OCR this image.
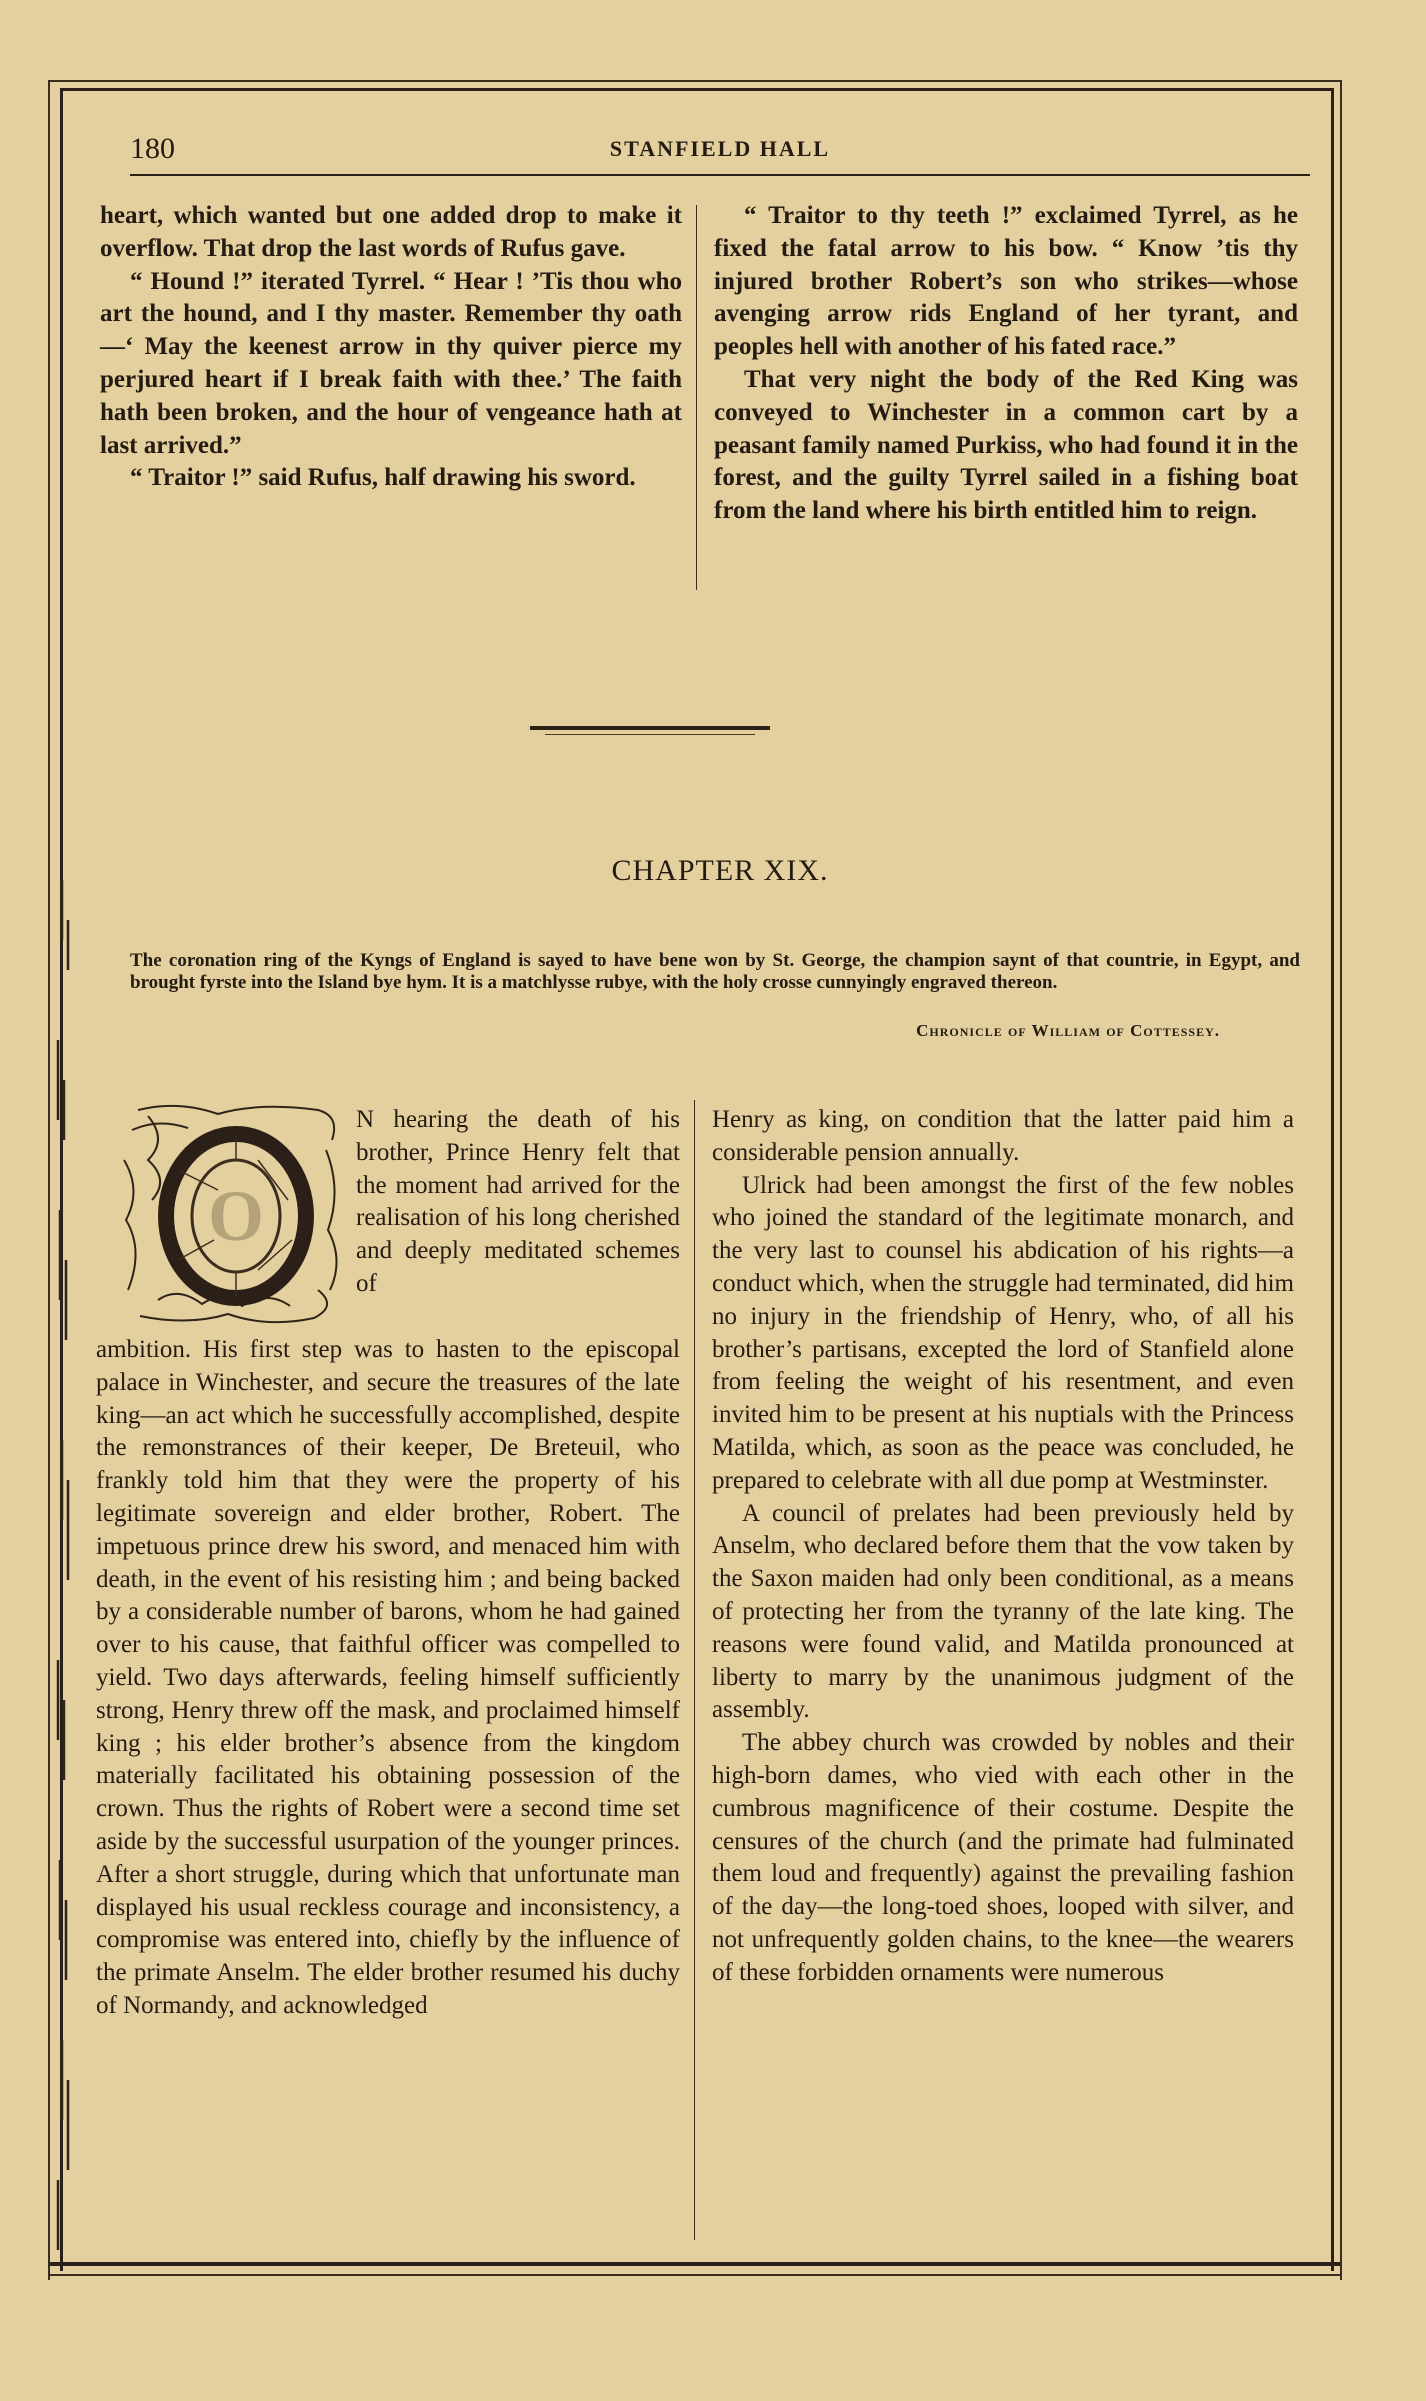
180	STANFIELD HALL

heart, which wanted but one added drop to make it overflow. That drop the last words of Rufus gave.

“ Hound !” iterated Tyrrel. “ Hear ! ’Tis thou who art the hound, and I thy master. Remember thy oath—‘ May the keenest arrow in thy quiver pierce my perjured heart if I break faith with thee.’ The faith hath been broken, and the hour of vengeance hath at last arrived.”

“ Traitor !” said Rufus, half drawing his sword.

“ Traitor to thy teeth !” exclaimed Tyrrel, as he fixed the fatal arrow to his bow. “ Know ’tis thy injured brother Robert’s son who strikes—whose avenging arrow rids England of her tyrant, and peoples hell with another of his fated race.”

That very night the body of the Red King was conveyed to Winchester in a common cart by a peasant family named Purkiss, who had found it in the forest, and the guilty Tyrrel sailed in a fishing boat from the land where his birth entitled him to reign.

CHAPTER XIX.
The coronation ring of the Kyngs of England is sayed to have bene won by St. George, the champion saynt of that countrie, in Egypt, and brought fyrste into the Island bye hym. It is a matchlysse rubye, with the holy crosse cunnyingly engraved thereon.
Chronicle of William of Cottessey.
O

N hearing the death of his brother, Prince Henry felt that the moment had arrived for the realisation of his long cherished and deeply meditated schemes of

ambition. His first step was to hasten to the episcopal palace in Winchester, and secure the treasures of the late king—an act which he successfully accomplished, despite the remonstrances of their keeper, De Breteuil, who frankly told him that they were the property of his legitimate sovereign and elder brother, Robert. The impetuous prince drew his sword, and menaced him with death, in the event of his resisting him ; and being backed by a considerable number of barons, whom he had gained over to his cause, that faithful officer was compelled to yield. Two days afterwards, feeling himself sufficiently strong, Henry threw off the mask, and proclaimed himself king ; his elder brother’s absence from the kingdom materially facilitated his obtaining possession of the crown. Thus the rights of Robert were a second time set aside by the successful usurpation of the younger princes. After a short struggle, during which that unfortunate man displayed his usual reckless courage and inconsistency, a compromise was entered into, chiefly by the influence of the primate Anselm. The elder brother resumed his duchy of Normandy, and acknowledged

Henry as king, on condition that the latter paid him a considerable pension annually.

Ulrick had been amongst the first of the few nobles who joined the standard of the legitimate monarch, and the very last to counsel his abdication of his rights—a conduct which, when the struggle had terminated, did him no injury in the friendship of Henry, who, of all his brother’s partisans, excepted the lord of Stanfield alone from feeling the weight of his resentment, and even invited him to be present at his nuptials with the Princess Matilda, which, as soon as the peace was concluded, he prepared to celebrate with all due pomp at Westminster.

A council of prelates had been previously held by Anselm, who declared before them that the vow taken by the Saxon maiden had only been conditional, as a means of protecting her from the tyranny of the late king. The reasons were found valid, and Matilda pronounced at liberty to marry by the unanimous judgment of the assembly.

The abbey church was crowded by nobles and their high-born dames, who vied with each other in the cumbrous magnificence of their costume. Despite the censures of the church (and the primate had fulminated them loud and frequently) against the prevailing fashion of the day—the long-toed shoes, looped with silver, and not unfrequently golden chains, to the knee—the wearers of these forbidden ornaments were numerous
